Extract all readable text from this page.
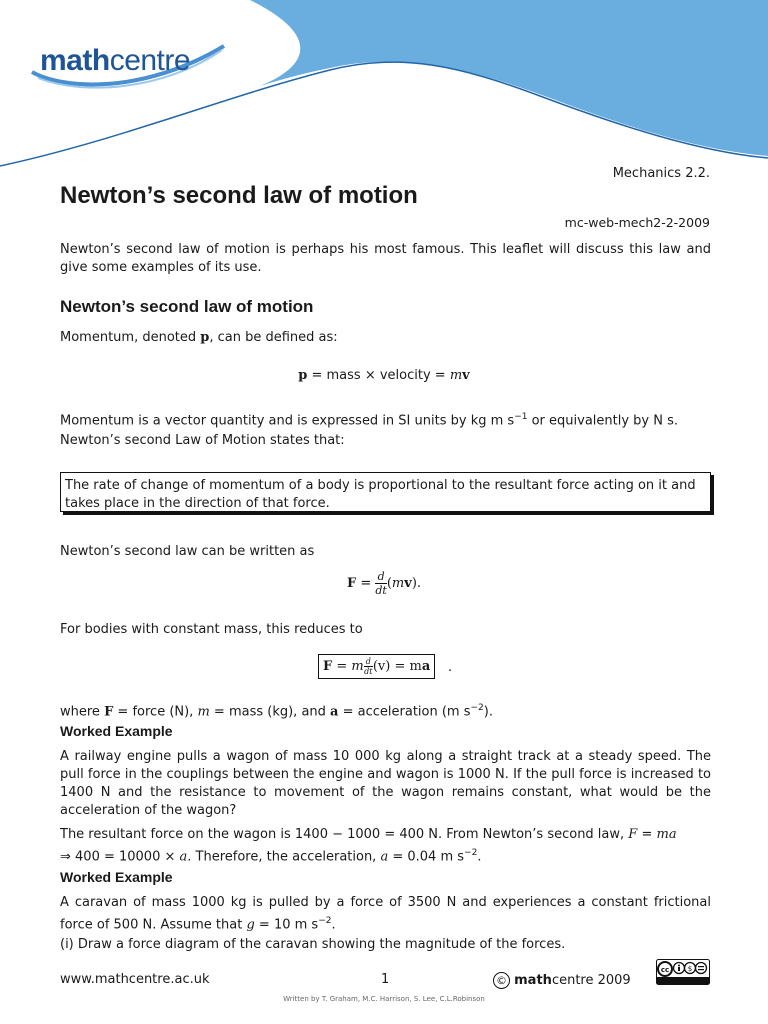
mathcentre
Mechanics 2.2.
Newton’s second law of motion
mc-web-mech2-2-2009
Newton’s second law of motion is perhaps his most famous. This leaflet will discuss this law and give some examples of its use.
Newton’s second law of motion
Momentum, denoted p, can be defined as:
p = mass × velocity = mv
Momentum is a vector quantity and is expressed in SI units by kg m $s^{-1}$ or equivalently by N s.
Newton’s second Law of Motion states that:
The rate of change of momentum of a body is proportional to the resultant force acting on it and takes place in the direction of that force.
Newton’s second law can be written as
$F = \frac{d}{dt} (mv)$.
For bodies with constant mass, this reduces to
F = m $\frac{d}{dt} (v)$ = ma	.
where F = force (N), m = mass (kg), and a = acceleration (m $s^{-2}$).
Worked Example
A railway engine pulls a wagon of mass 10 000 kg along a straight track at a steady speed. The pull force in the couplings between the engine and wagon is 1000 N. If the pull force is increased to 1400 N and the resistance to movement of the wagon remains constant, what would be the acceleration of the wagon?
The resultant force on the wagon is 1400 − 1000 = 400 N. From Newton’s second law, F = ma
⇒ 400 = 10000 × a. Therefore, the acceleration, a = 0.04 m $s^{-2}$.
Worked Example
A caravan of mass 1000 kg is pulled by a force of 3500 N and experiences a constant frictional force of 500 N. Assume that g = 10 m $s^{-2}$.
(i) Draw a force diagram of the caravan showing the magnitude of the forces.
www.mathcentre.ac.uk	1	© mathcentre 2009
cc	$
Written by T. Graham, M.C. Harrison, S. Lee, C.L.Robinson
